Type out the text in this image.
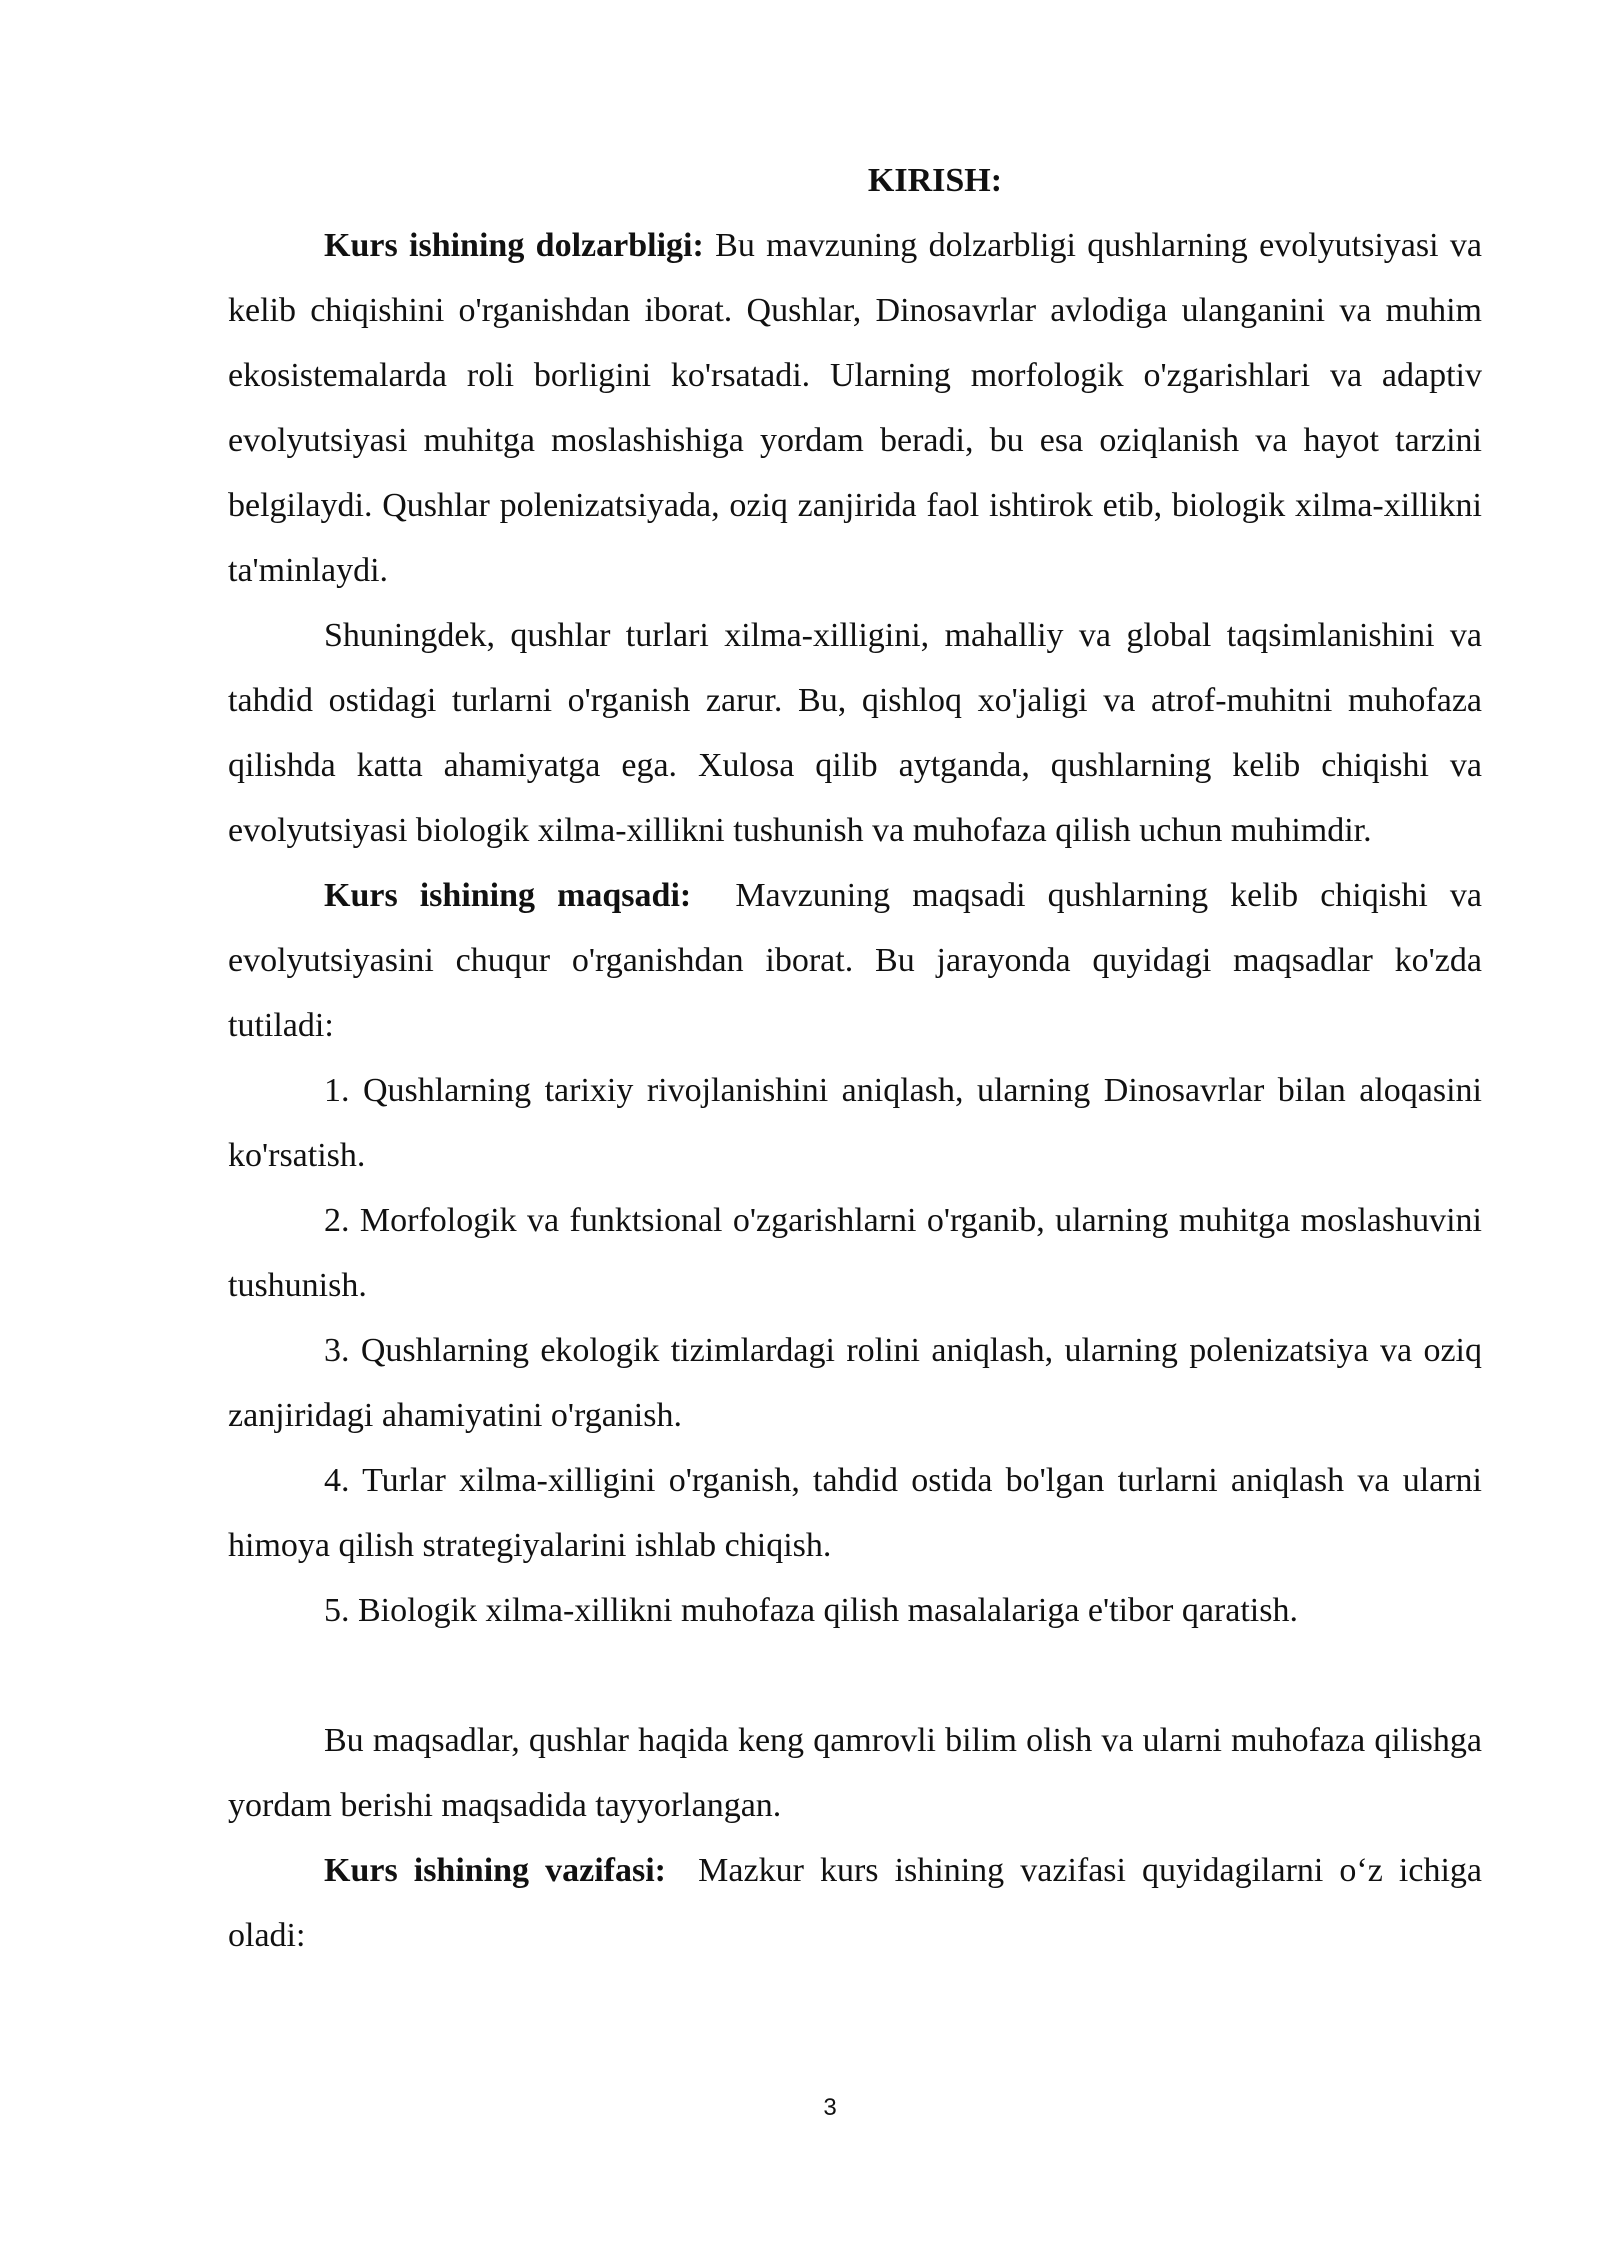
KIRISH:

Kurs ishining dolzarbligi: Bu mavzuning dolzarbligi qushlarning evolyutsiyasi va kelib chiqishini o'rganishdan iborat. Qushlar, Dinosavrlar avlodiga ulanganini va muhim ekosistemalarda roli borligini ko'rsatadi. Ularning morfologik o'zgarishlari va adaptiv evolyutsiyasi muhitga moslashishiga yordam beradi, bu esa oziqlanish va hayot tarzini belgilaydi. Qushlar polenizatsiyada, oziq zanjirida faol ishtirok etib, biologik xilma-xillikni ta'minlaydi.

Shuningdek, qushlar turlari xilma-xilligini, mahalliy va global taqsimlanishini va tahdid ostidagi turlarni o'rganish zarur. Bu, qishloq xo'jaligi va atrof-muhitni muhofaza qilishda katta ahamiyatga ega. Xulosa qilib aytganda, qushlarning kelib chiqishi va evolyutsiyasi biologik xilma-xillikni tushunish va muhofaza qilish uchun muhimdir.

Kurs ishining maqsadi:  Mavzuning maqsadi qushlarning kelib chiqishi va evolyutsiyasini chuqur o'rganishdan iborat. Bu jarayonda quyidagi maqsadlar ko'zda tutiladi:

1. Qushlarning tarixiy rivojlanishini aniqlash, ularning Dinosavrlar bilan aloqasini ko'rsatish.

2. Morfologik va funktsional o'zgarishlarni o'rganib, ularning muhitga moslashuvini tushunish.

3. Qushlarning ekologik tizimlardagi rolini aniqlash, ularning polenizatsiya va oziq zanjiridagi ahamiyatini o'rganish.

4. Turlar xilma-xilligini o'rganish, tahdid ostida bo'lgan turlarni aniqlash va ularni himoya qilish strategiyalarini ishlab chiqish.

5. Biologik xilma-xillikni muhofaza qilish masalalariga e'tibor qaratish.

Bu maqsadlar, qushlar haqida keng qamrovli bilim olish va ularni muhofaza qilishga yordam berishi maqsadida tayyorlangan.

Kurs ishining vazifasi:  Mazkur kurs ishining vazifasi quyidagilarni o‘z ichiga oladi:

3
